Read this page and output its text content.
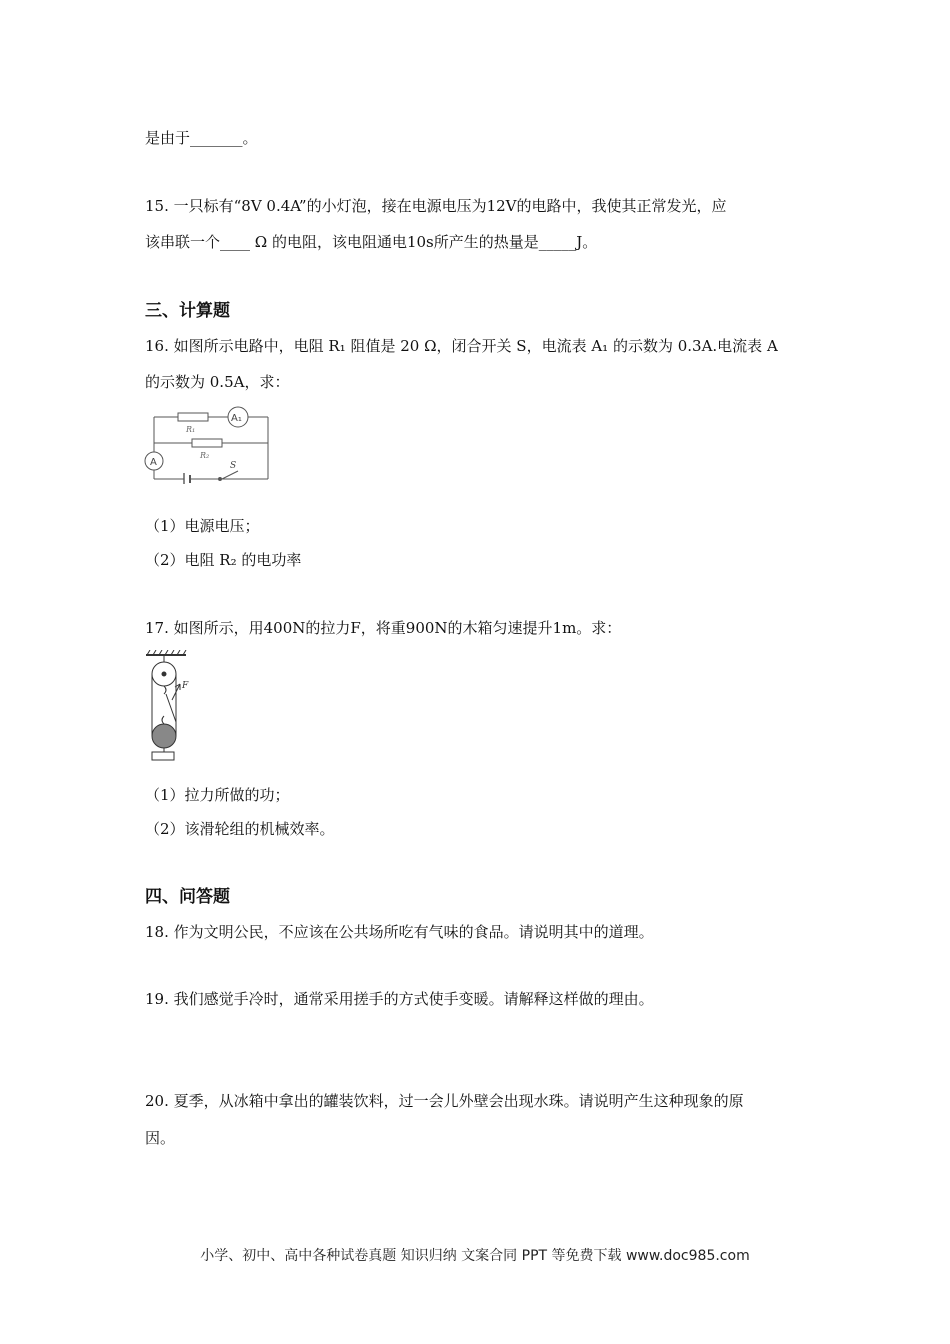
是由于_______。
15. 一只标有“8V 0.4A”的小灯泡，接在电源电压为12V的电路中，我使其正常发光，应
该串联一个____ Ω 的电阻，该电阻通电10s所产生的热量是_____J。
三、计算题
16. 如图所示电路中，电阻 R₁ 阻值是 20 Ω，闭合开关 S，电流表 A₁ 的示数为 0.3A.电流表 A
的示数为 0.5A，求：
R₁
R₂
A₁
A	S
（1）电源电压；
（2）电阻 R₂ 的电功率
17. 如图所示，用400N的拉力F，将重900N的木箱匀速提升1m。求：
F
（1）拉力所做的功；
（2）该滑轮组的机械效率。
四、问答题
18. 作为文明公民，不应该在公共场所吃有气味的食品。请说明其中的道理。
19. 我们感觉手冷时，通常采用搓手的方式使手变暖。请解释这样做的理由。
20. 夏季，从冰箱中拿出的罐装饮料，过一会儿外壁会出现水珠。请说明产生这种现象的原
因。
小学、初中、高中各种试卷真题 知识归纳 文案合同 PPT 等免费下载 www.doc985.com
